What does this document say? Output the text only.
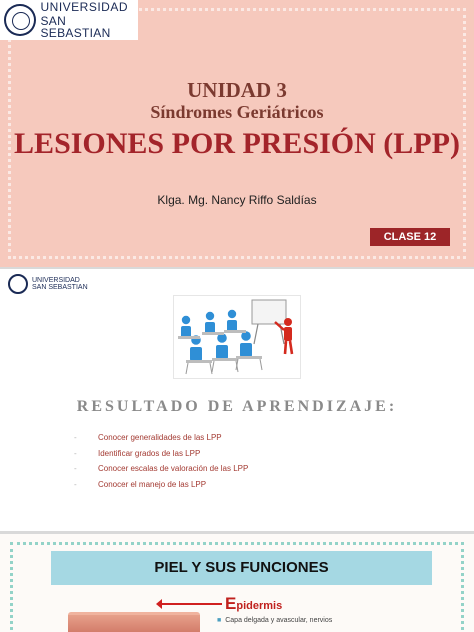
UNIVERSIDAD
SAN SEBASTIAN
UNIDAD 3
Síndromes Geriátricos
LESIONES POR PRESIÓN (LPP)
Klga. Mg. Nancy Riffo Saldías
CLASE 12
UNIVERSIDAD
SAN SEBASTIAN
RESULTADO DE APRENDIZAJE:
-	Conocer generalidades de las LPP
-	Identificar grados de las LPP
-	Conocer escalas de valoración de las LPP
-	Conocer el manejo de las LPP
PIEL Y SUS FUNCIONES
Epidermis
■ Capa delgada y avascular, nervios
